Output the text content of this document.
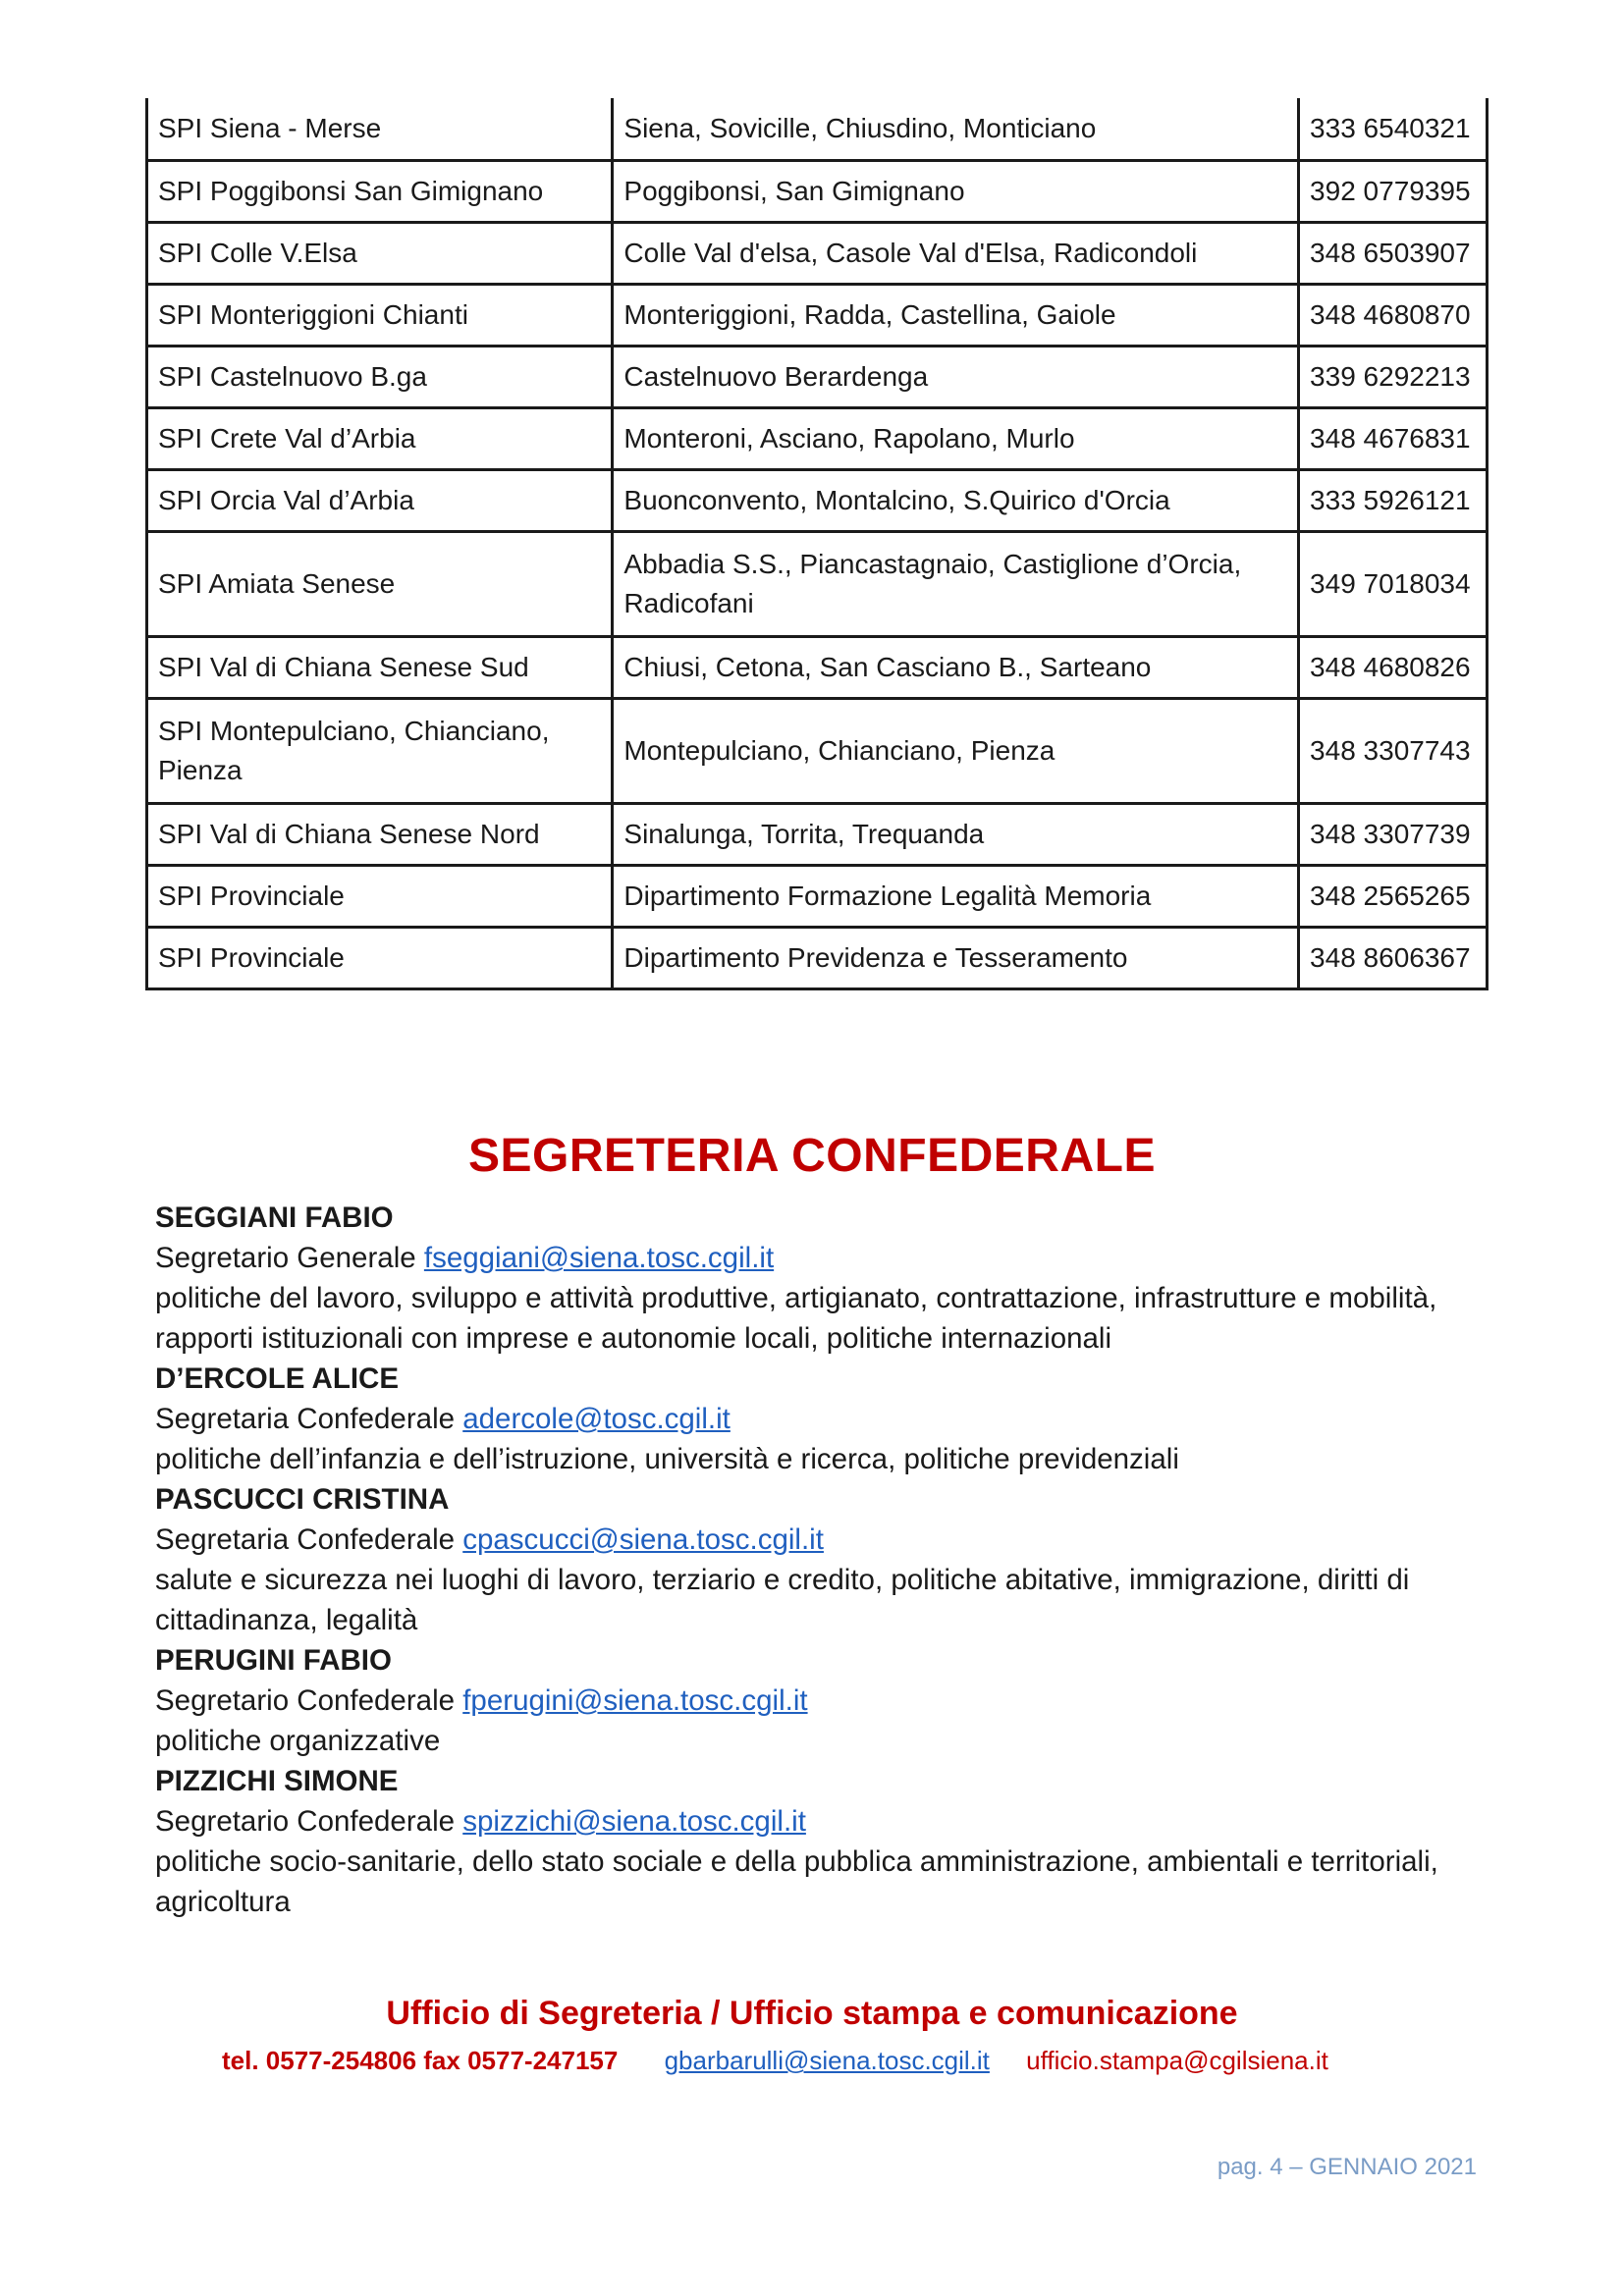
SPI Siena - Merse	Siena, Sovicille, Chiusdino, Monticiano	333 6540321
SPI Poggibonsi San Gimignano	Poggibonsi, San Gimignano	392 0779395
SPI Colle V.Elsa	Colle Val d'elsa, Casole Val d'Elsa, Radicondoli	348 6503907
SPI Monteriggioni Chianti	Monteriggioni, Radda, Castellina, Gaiole	348 4680870
SPI Castelnuovo B.ga	Castelnuovo Berardenga	339 6292213
SPI Crete Val d’Arbia	Monteroni, Asciano, Rapolano, Murlo	348 4676831
SPI Orcia Val d’Arbia	Buonconvento, Montalcino, S.Quirico d'Orcia	333 5926121
SPI Amiata Senese	Abbadia S.S., Piancastagnaio, Castiglione d’Orcia, Radicofani	349 7018034
SPI Val di Chiana Senese Sud	Chiusi, Cetona, San Casciano B., Sarteano	348 4680826
SPI Montepulciano, Chianciano, Pienza	Montepulciano, Chianciano, Pienza	348 3307743
SPI Val di Chiana Senese Nord	Sinalunga, Torrita, Trequanda	348 3307739
SPI Provinciale	Dipartimento Formazione Legalità Memoria	348 2565265
SPI Provinciale	Dipartimento Previdenza e Tesseramento	348 8606367
SEGRETERIA CONFEDERALE
SEGGIANI FABIO
Segretario Generale fseggiani@siena.tosc.cgil.it
politiche del lavoro, sviluppo e attività produttive, artigianato, contrattazione, infrastrutture e mobilità, rapporti istituzionali con imprese e autonomie locali, politiche internazionali
D’ERCOLE ALICE
Segretaria Confederale adercole@tosc.cgil.it
politiche dell’infanzia e dell’istruzione, università e ricerca, politiche previdenziali
PASCUCCI CRISTINA
Segretaria Confederale cpascucci@siena.tosc.cgil.it
salute e sicurezza nei luoghi di lavoro, terziario e credito, politiche abitative, immigrazione, diritti di cittadinanza, legalità
PERUGINI FABIO
Segretario Confederale fperugini@siena.tosc.cgil.it
politiche organizzative
PIZZICHI SIMONE
Segretario Confederale spizzichi@siena.tosc.cgil.it
politiche socio-sanitarie, dello stato sociale e della pubblica amministrazione, ambientali e territoriali, agricoltura
Ufficio di Segreteria / Ufficio stampa e comunicazione
tel. 0577-254806 fax 0577-247157 gbarbarulli@siena.tosc.cgil.it ufficio.stampa@cgilsiena.it
pag. 4 – GENNAIO 2021
